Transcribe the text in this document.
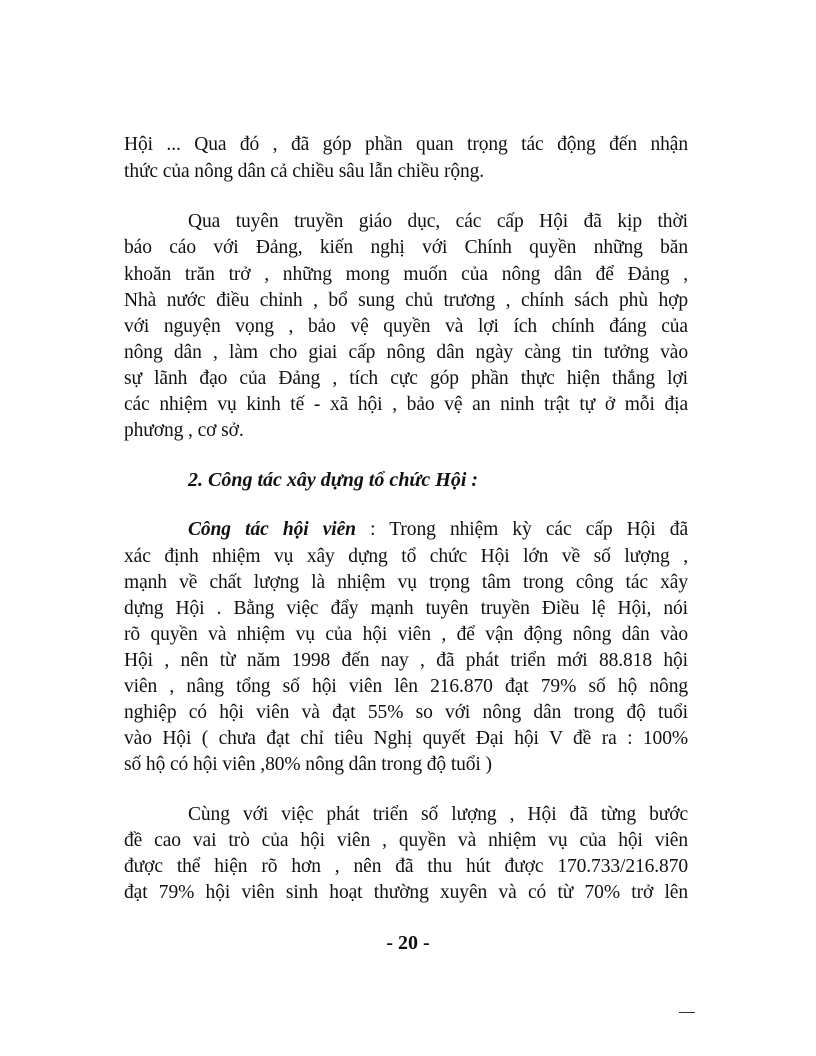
Hội ... Qua đó , đã góp phần quan trọng tác động đến nhận
thức của nông dân cả chiều sâu lẫn chiều rộng.
Qua tuyên truyền giáo dục, các cấp Hội đã kịp thời
báo cáo với Đảng, kiến nghị với Chính quyền những băn
khoăn trăn trở , những mong muốn của nông dân để Đảng ,
Nhà nước điều chỉnh , bổ sung chủ trương , chính sách phù hợp
với nguyện vọng , bảo vệ quyền và lợi ích chính đáng của
nông dân , làm cho giai cấp nông dân ngày càng tin tưởng vào
sự lãnh đạo của Đảng , tích cực góp phần thực hiện thắng lợi
các nhiệm vụ kinh tế - xã hội , bảo vệ an ninh trật tự ở mỗi địa
phương , cơ sở.
2. Công tác xây dựng tổ chức Hội :
Công tác hội viên : Trong nhiệm kỳ các cấp Hội đã
xác định nhiệm vụ xây dựng tổ chức Hội lớn về số lượng ,
mạnh về chất lượng là nhiệm vụ trọng tâm trong công tác xây
dựng Hội . Bằng việc đẩy mạnh tuyên truyền Điều lệ Hội, nói
rõ quyền và nhiệm vụ của hội viên , để vận động nông dân vào
Hội , nên từ năm 1998 đến nay , đã phát triển mới 88.818 hội
viên , nâng tổng số hội viên lên 216.870 đạt 79% số hộ nông
nghiệp có hội viên và đạt 55% so với nông dân trong độ tuổi
vào Hội ( chưa đạt chỉ tiêu Nghị quyết Đại hội V đề ra : 100%
số hộ có hội viên ,80% nông dân trong độ tuổi )
Cùng với việc phát triển số lượng , Hội đã từng bước
đề cao vai trò của hội viên , quyền và nhiệm vụ của hội viên
được thể hiện rõ hơn , nên đã thu hút được 170.733/216.870
đạt 79% hội viên sinh hoạt thường xuyên và có từ 70% trở lên
- 20 -
